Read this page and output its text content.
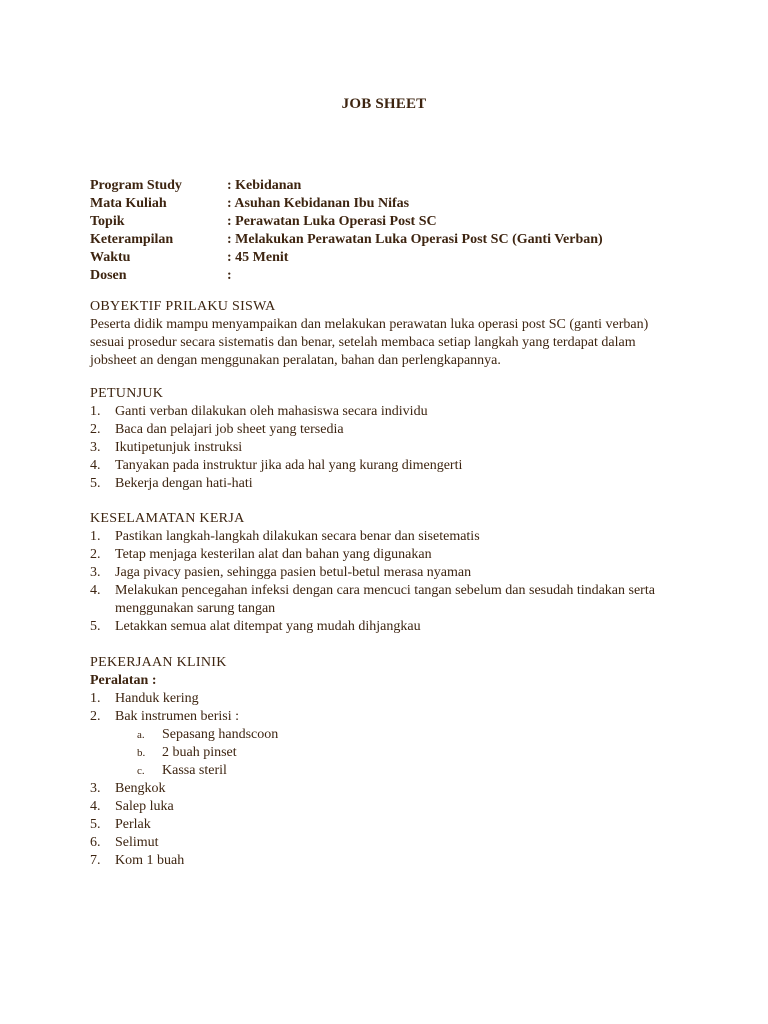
JOB SHEET
Program Study	: Kebidanan
Mata Kuliah	: Asuhan Kebidanan Ibu Nifas
Topik	: Perawatan Luka Operasi Post SC
Keterampilan	: Melakukan Perawatan Luka Operasi Post SC (Ganti Verban)
Waktu	: 45 Menit
Dosen	:
OBYEKTIF PRILAKU SISWA
Peserta didik mampu menyampaikan dan melakukan perawatan luka operasi post SC (ganti verban) sesuai prosedur secara sistematis dan benar, setelah membaca setiap langkah yang terdapat dalam jobsheet an dengan menggunakan peralatan, bahan dan perlengkapannya.
PETUNJUK
1.	Ganti verban dilakukan oleh mahasiswa secara individu
2.	Baca dan pelajari job sheet yang tersedia
3.	Ikutipetunjuk instruksi
4.	Tanyakan pada instruktur jika ada hal yang kurang dimengerti
5.	Bekerja dengan hati-hati
KESELAMATAN KERJA
1.	Pastikan langkah-langkah dilakukan secara benar dan sisetematis
2.	Tetap menjaga kesterilan alat dan bahan yang digunakan
3.	Jaga pivacy pasien, sehingga pasien betul-betul merasa nyaman
4.	Melakukan pencegahan infeksi dengan cara mencuci tangan sebelum dan sesudah tindakan serta menggunakan sarung tangan
5.	Letakkan semua alat ditempat yang mudah dihjangkau
PEKERJAAN KLINIK
Peralatan :
1.	Handuk kering
2.	Bak instrumen berisi :
a.	Sepasang handscoon
b.	2 buah pinset
c.	Kassa steril
3.	Bengkok
4.	Salep luka
5.	Perlak
6.	Selimut
7.	Kom 1 buah
